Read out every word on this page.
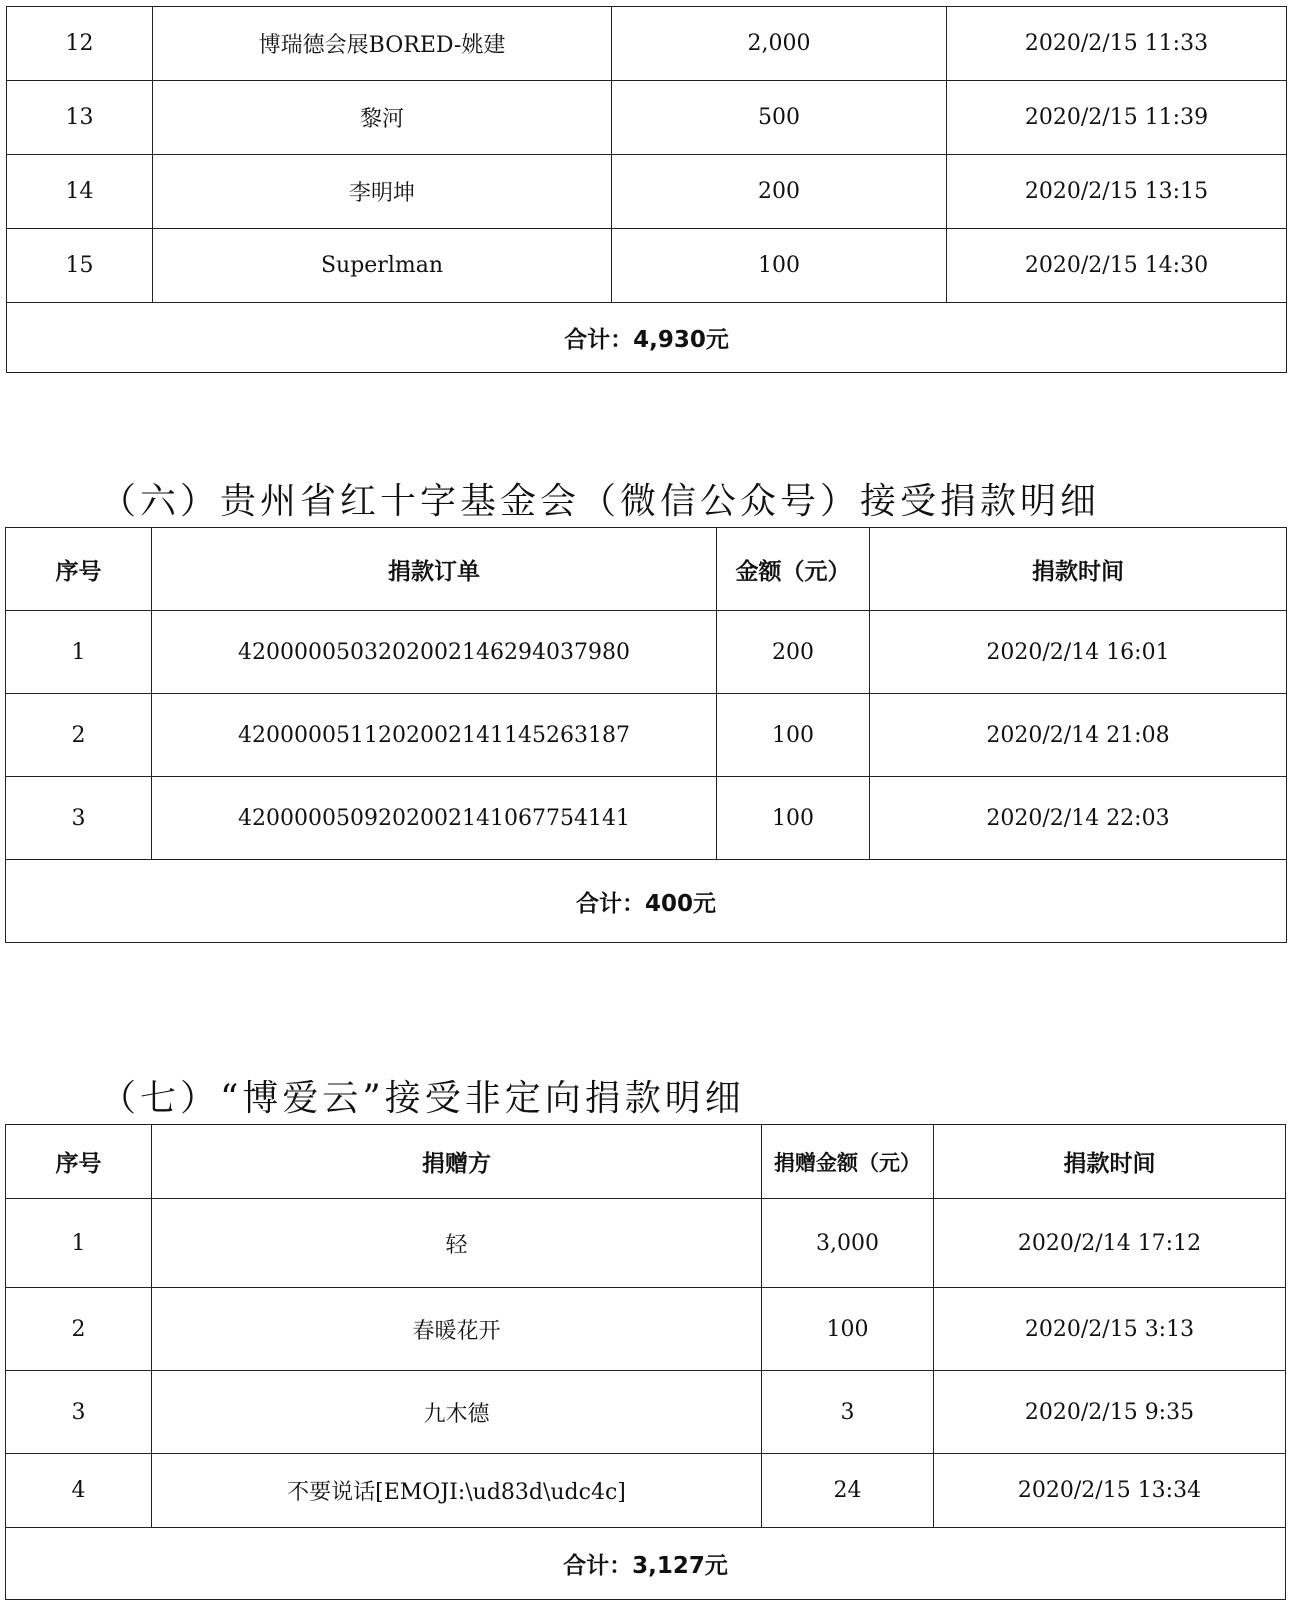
12	博瑞德会展BORED-姚建	2,000	2020/2/15 11:33
13	黎河	500	2020/2/15 11:39
14	李明坤	200	2020/2/15 13:15
15	Superlman	100	2020/2/15 14:30
合计：4,930元			
（六）贵州省红十字基金会（微信公众号）接受捐款明细
序号	捐款订单	金额（元）	捐款时间
1	4200000503202002146294037980	200	2020/2/14 16:01
2	4200000511202002141145263187	100	2020/2/14 21:08
3	4200000509202002141067754141	100	2020/2/14 22:03
合计：400元			
（七）“博爱云”接受非定向捐款明细
序号	捐赠方	捐赠金额（元）	捐款时间
1	轻	3,000	2020/2/14 17:12
2	春暖花开	100	2020/2/15 3:13
3	九木德	3	2020/2/15 9:35
4	不要说话[EMOJI:\ud83d\udc4c]	24	2020/2/15 13:34
合计：3,127元			
